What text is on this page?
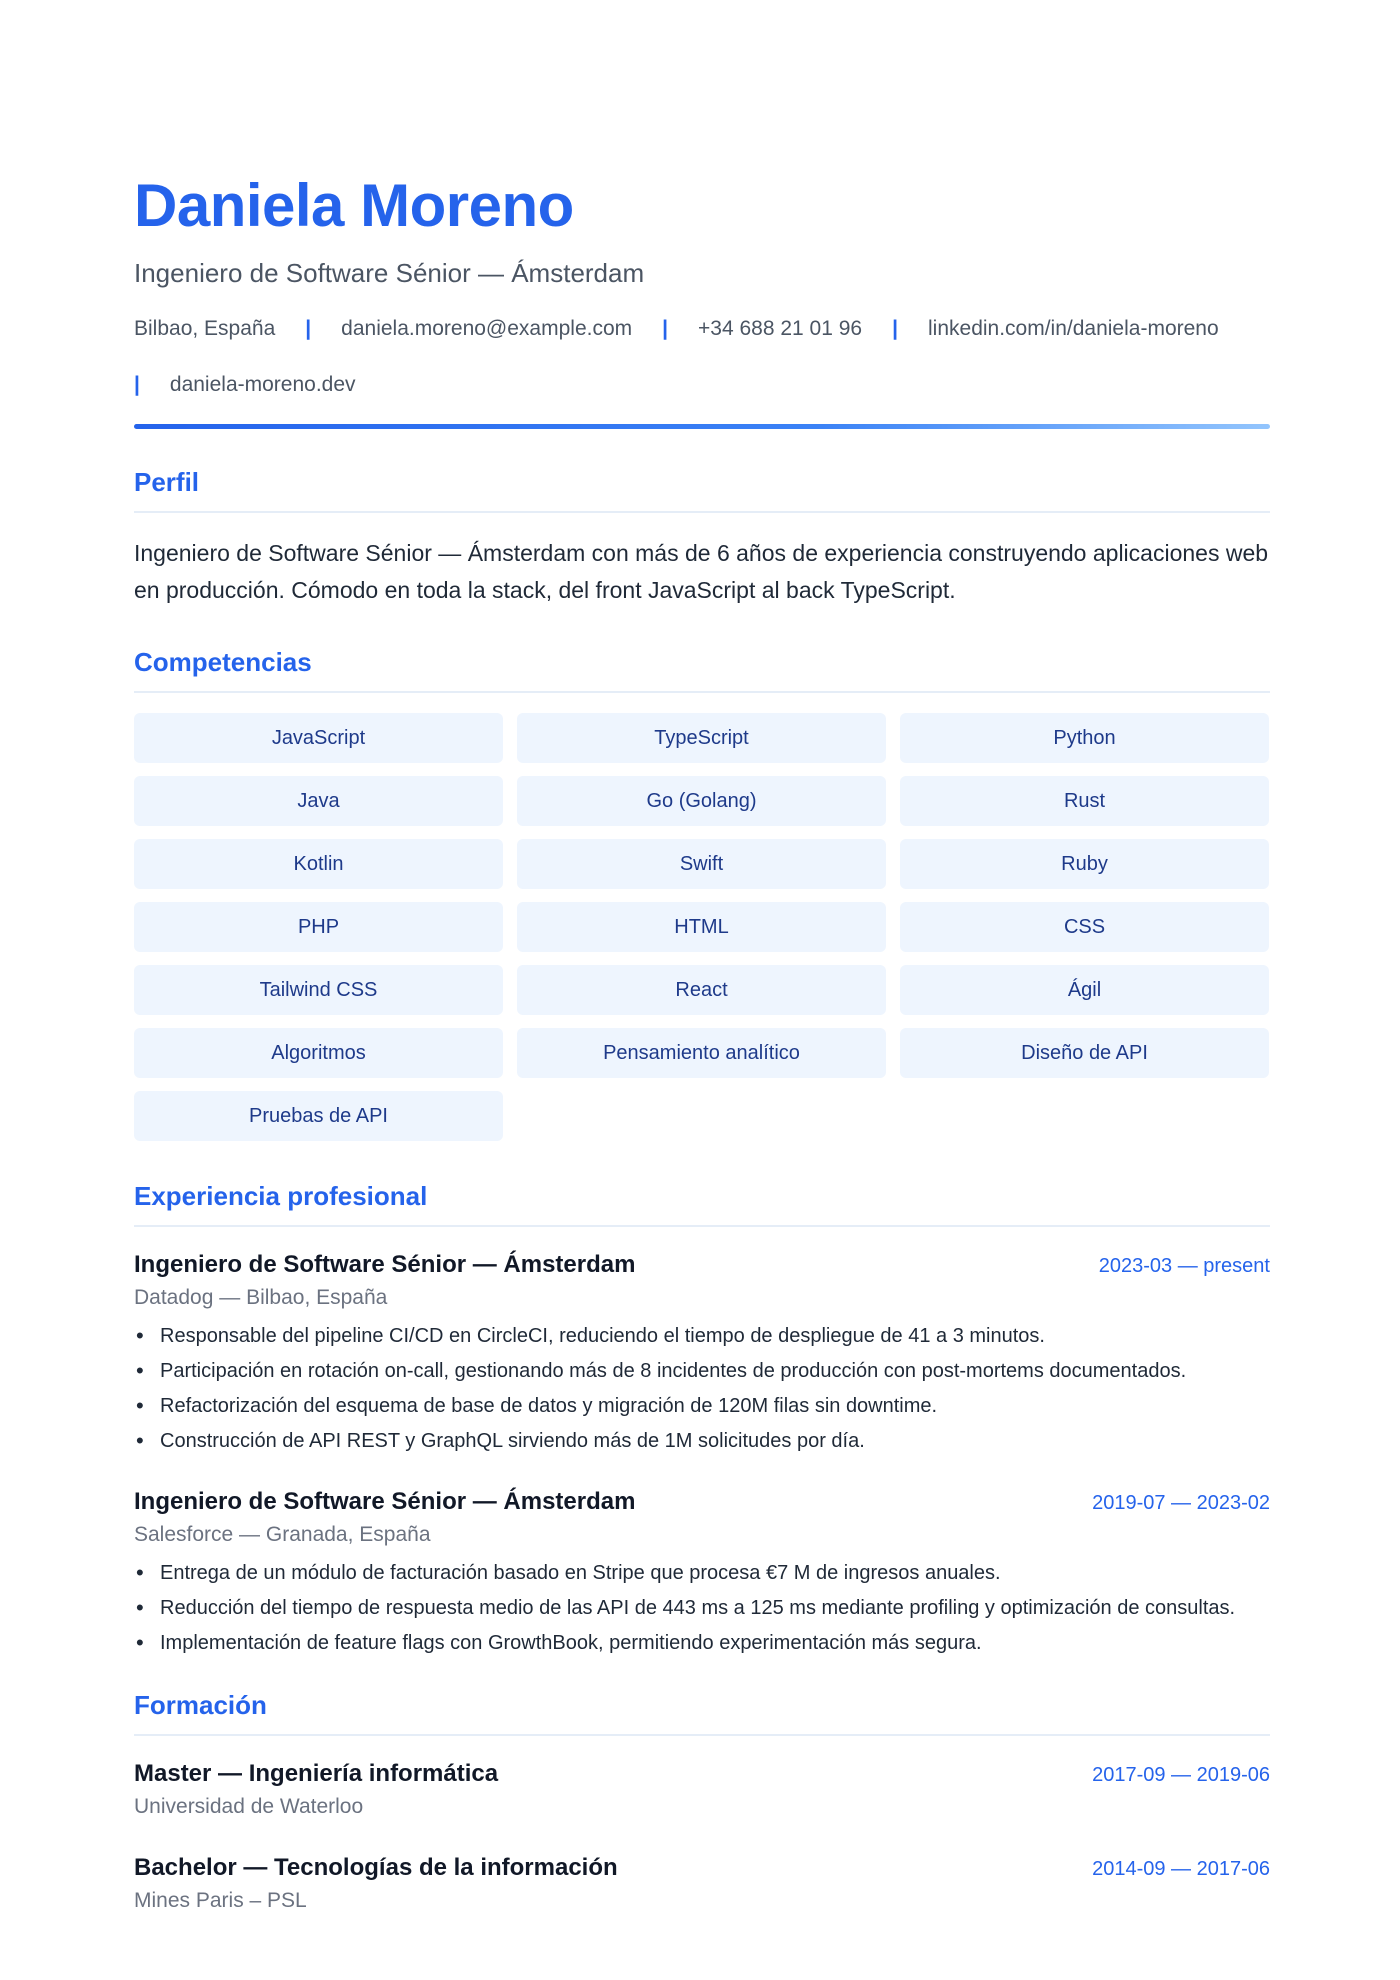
Daniela Moreno
Ingeniero de Software Sénior — Ámsterdam
Bilbao, España | daniela.moreno@example.com | +34 688 21 01 96 | linkedin.com/in/daniela-moreno
| daniela-moreno.dev
Perfil

Ingeniero de Software Sénior — Ámsterdam con más de 6 años de experiencia construyendo aplicaciones web en producción. Cómodo en toda la stack, del front JavaScript al back TypeScript.

Competencias
JavaScript	TypeScript	Python
Java	Go (Golang)	Rust
Kotlin	Swift	Ruby
PHP	HTML	CSS
Tailwind CSS	React	Ágil
Algoritmos	Pensamiento analítico	Diseño de API
Pruebas de API
Experiencia profesional
Ingeniero de Software Sénior — Ámsterdam	2023-03 — present
Datadog — Bilbao, España
• Responsable del pipeline CI/CD en CircleCI, reduciendo el tiempo de despliegue de 41 a 3 minutos.
• Participación en rotación on-call, gestionando más de 8 incidentes de producción con post-mortems documentados.
• Refactorización del esquema de base de datos y migración de 120M filas sin downtime.
• Construcción de API REST y GraphQL sirviendo más de 1M solicitudes por día.
Ingeniero de Software Sénior — Ámsterdam	2019-07 — 2023-02
Salesforce — Granada, España
• Entrega de un módulo de facturación basado en Stripe que procesa €7 M de ingresos anuales.
• Reducción del tiempo de respuesta medio de las API de 443 ms a 125 ms mediante profiling y optimización de consultas.
• Implementación de feature flags con GrowthBook, permitiendo experimentación más segura.
Formación
Master — Ingeniería informática	2017-09 — 2019-06
Universidad de Waterloo
Bachelor — Tecnologías de la información	2014-09 — 2017-06
Mines Paris – PSL
